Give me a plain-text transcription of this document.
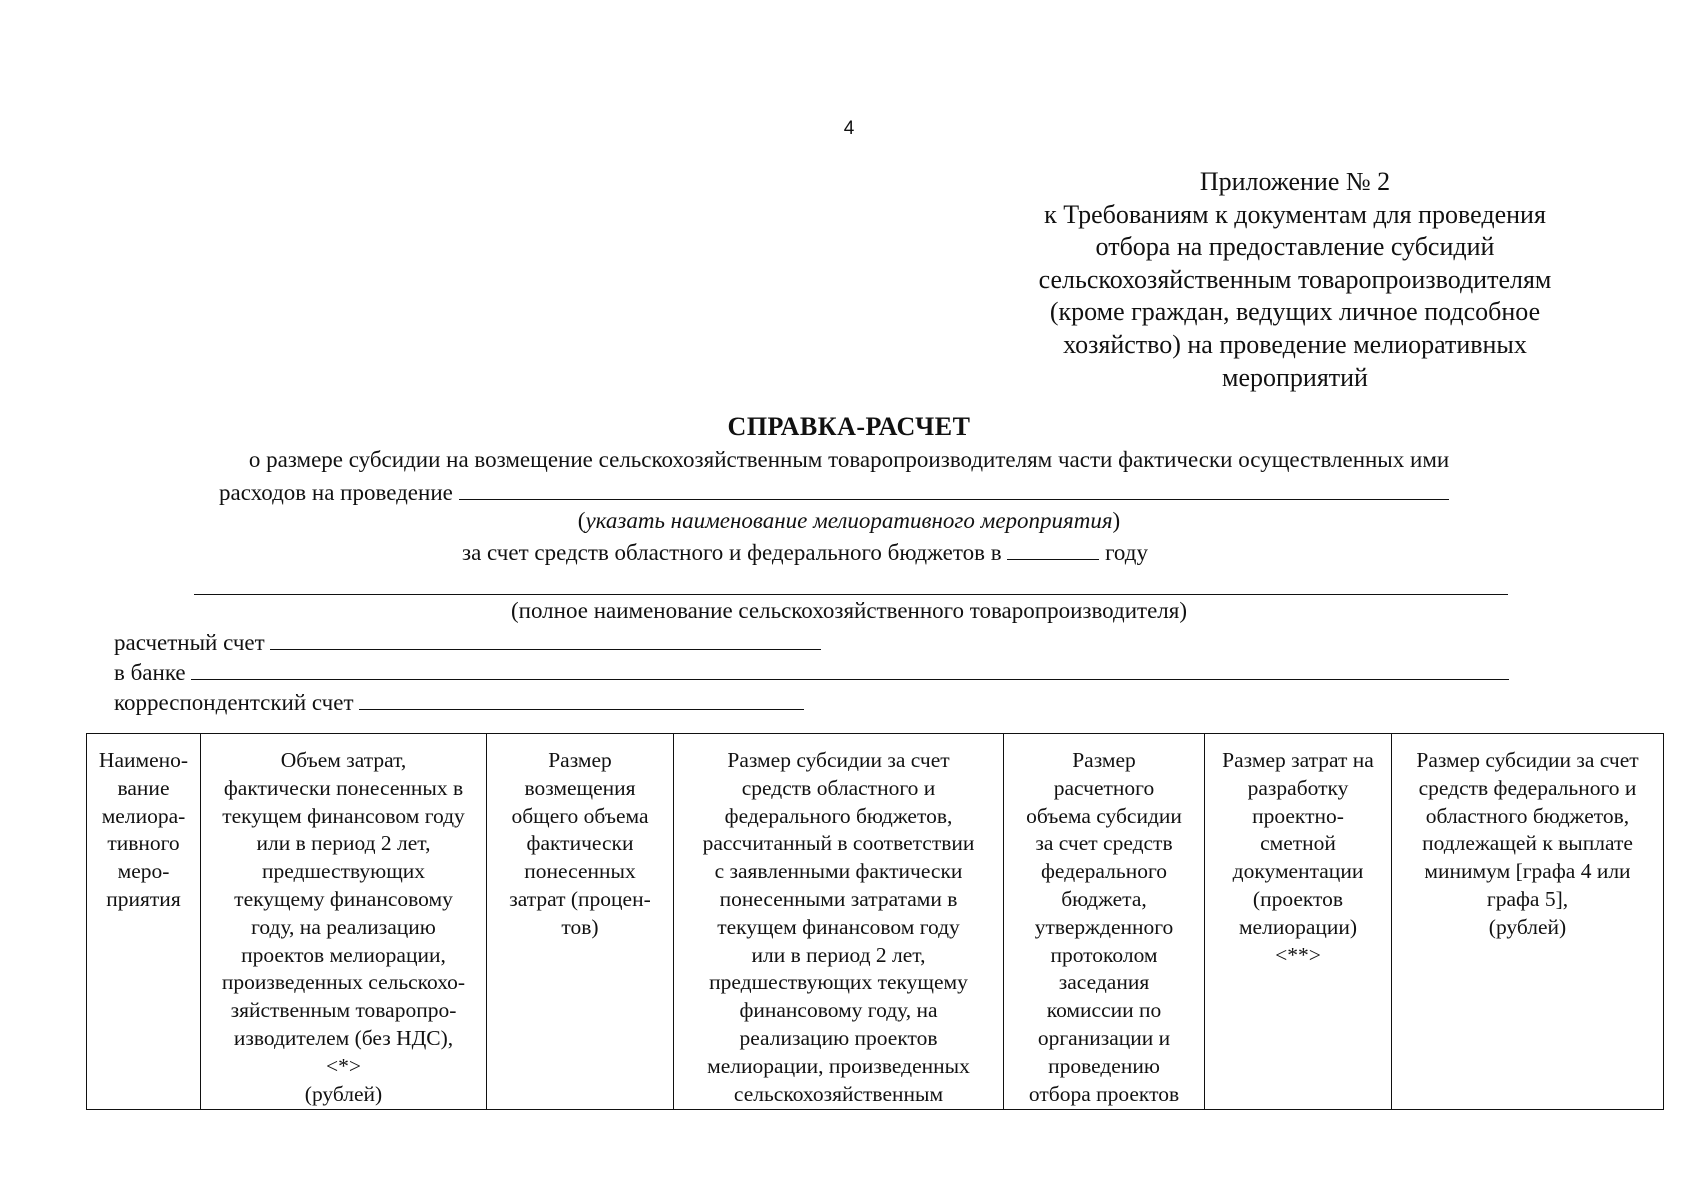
4
Приложение № 2
к Требованиям к документам для проведения
отбора на предоставление субсидий
сельскохозяйственным товаропроизводителям
(кроме граждан, ведущих личное подсобное
хозяйство) на проведение мелиоративных
мероприятий
СПРАВКА-РАСЧЕТ
о размере субсидии на возмещение сельскохозяйственным товаропроизводителям части фактически осуществленных ими
расходов на проведение
(указать наименование мелиоративного мероприятия)
за счет средств областного и федерального бюджетов в	году
(полное наименование сельскохозяйственного товаропроизводителя)
расчетный счет
в банке
корреспондентский счет
Наимено-
вание
мелиора-
тивного
меро-
приятия

Объем затрат,
фактически понесенных в
текущем финансовом году
или в период 2 лет,
предшествующих
текущему финансовому
году, на реализацию
проектов мелиорации,
произведенных сельскохо-
зяйственным товаропро-
изводителем (без НДС),
<*>
(рублей)

Размер
возмещения
общего объема
фактически
понесенных
затрат (процен-
тов)

Размер субсидии за счет
средств областного и
федерального бюджетов,
рассчитанный в соответствии
с заявленными фактически
понесенными затратами в
текущем финансовом году
или в период 2 лет,
предшествующих текущему
финансовому году, на
реализацию проектов
мелиорации, произведенных
сельскохозяйственным

Размер
расчетного
объема субсидии
за счет средств
федерального
бюджета,
утвержденного
протоколом
заседания
комиссии по
организации и
проведению
отбора проектов

Размер затрат на
разработку
проектно-
сметной
документации
(проектов
мелиорации)
<**>

Размер субсидии за счет
средств федерального и
областного бюджетов,
подлежащей к выплате
минимум [графа 4 или
графа 5],
(рублей)
